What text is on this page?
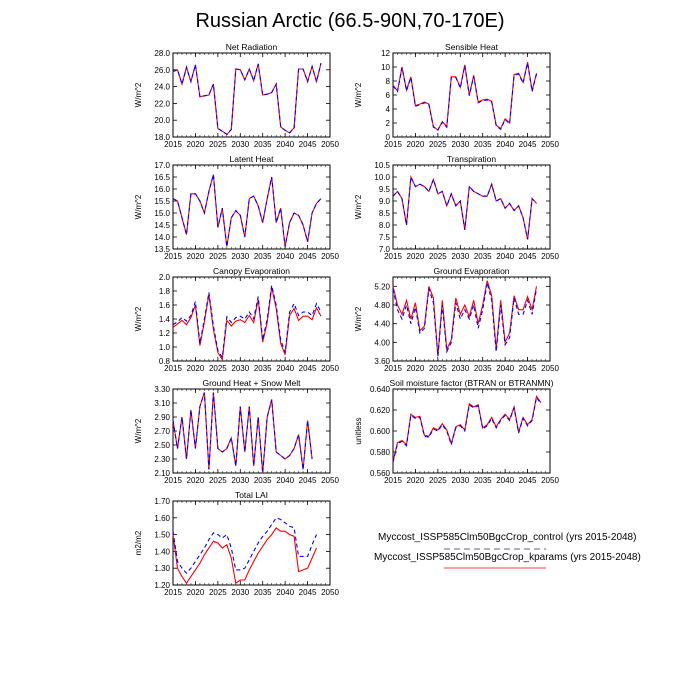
Russian Arctic (66.5-90N,70-170E)
Net Radiation
W/m^2
2015 2020 2025 2030 2035 2040 2045 2050
18.0
20.0
22.0
24.0
26.0
28.0
Sensible Heat
W/m^2
2015 2020 2025 2030 2035 2040 2045 2050
0
2
4
6
8
10
12
Latent Heat
W/m^2
2015 2020 2025 2030 2035 2040 2045 2050
13.5
14.0
14.5
15.0
15.5
16.0
16.5
17.0
Transpiration
W/m^2
2015 2020 2025 2030 2035 2040 2045 2050
7.0
7.5
8.0
8.5
9.0
9.5
10.0
10.5
Canopy Evaporation
W/m^2
2015 2020 2025 2030 2035 2040 2045 2050
0.8
1.0
1.2
1.4
1.6
1.8
2.0
Ground Evaporation
W/m^2
2015 2020 2025 2030 2035 2040 2045 2050
3.60
4.00
4.40
4.80
5.20
Ground Heat + Snow Melt
W/m^2
2015 2020 2025 2030 2035 2040 2045 2050
2.10
2.30
2.50
2.70
2.90
3.10
3.30
Soil moisture factor (BTRAN or BTRANMN)
unitless
2015 2020 2025 2030 2035 2040 2045 2050
0.560
0.580
0.600
0.620
0.640
Total LAI
m2/m2
2015 2020 2025 2030 2035 2040 2045 2050
1.20
1.30
1.40
1.50
1.60
1.70
Myccost_ISSP585Clm50BgcCrop_control (yrs 2015-2048)
Myccost_ISSP585Clm50BgcCrop_kparams (yrs 2015-2048)
